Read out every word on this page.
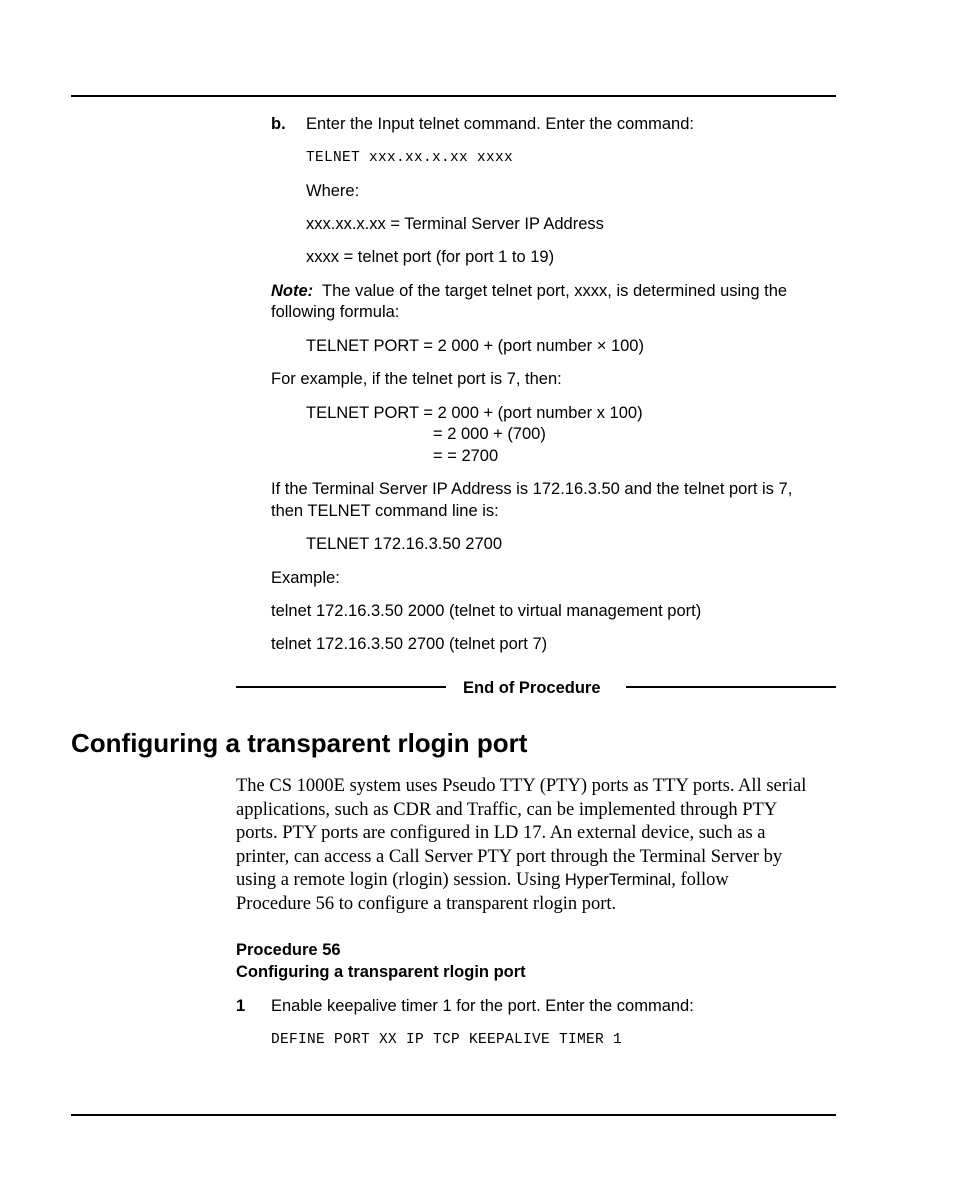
b. Enter the Input telnet command. Enter the command:
TELNET xxx.xx.x.xx xxxx
Where:
xxx.xx.x.xx = Terminal Server IP Address
xxxx = telnet port (for port 1 to 19)
Note: The value of the target telnet port, xxxx, is determined using the
following formula:
TELNET PORT = 2 000 + (port number × 100)
For example, if the telnet port is 7, then:
TELNET PORT = 2 000 + (port number x 100)
= 2 000 + (700)
= = 2700
If the Terminal Server IP Address is 172.16.3.50 and the telnet port is 7,
then TELNET command line is:
TELNET 172.16.3.50 2700
Example:
telnet 172.16.3.50 2000 (telnet to virtual management port)
telnet 172.16.3.50 2700 (telnet port 7)
End of Procedure
Configuring a transparent rlogin port
The CS 1000E system uses Pseudo TTY (PTY) ports as TTY ports. All serial
applications, such as CDR and Traffic, can be implemented through PTY
ports. PTY ports are configured in LD 17. An external device, such as a
printer, can access a Call Server PTY port through the Terminal Server by
using a remote login (rlogin) session. Using HyperTerminal, follow
Procedure 56 to configure a transparent rlogin port.
Procedure 56
Configuring a transparent rlogin port
1 Enable keepalive timer 1 for the port. Enter the command:
DEFINE PORT XX IP TCP KEEPALIVE TIMER 1
